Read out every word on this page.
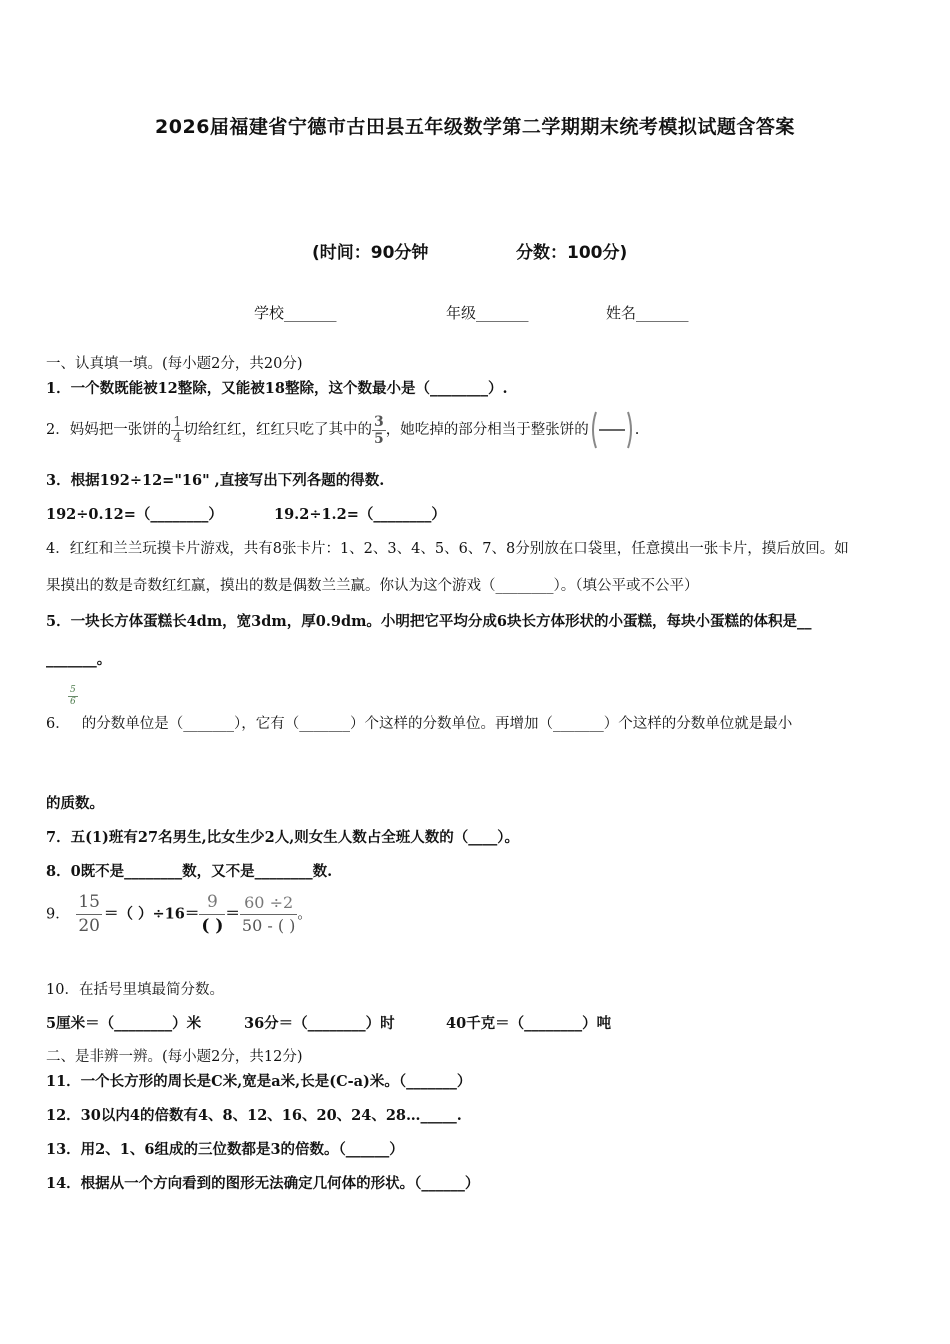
2026届福建省宁德市古田县五年级数学第二学期期末统考模拟试题含答案
(时间：90分钟	分数：100分)
学校_______	年级_______	姓名_______
一、认真填一填。(每小题2分，共20分)
1．一个数既能被12整除，又能被18整除，这个数最小是（________）.
2．妈妈把一张饼的 $\frac{1}{4}$ 切给红红，红红只吃了其中的 $\frac{3}{5}$ ，她吃掉的部分相当于整张饼的	.
3．根据192÷12="16" ,直接写出下列各题的得数.
192÷0.12=（________）	19.2÷1.2=（________）
4．红红和兰兰玩摸卡片游戏，共有8张卡片：1、2、3、4、5、6、7、8分别放在口袋里，任意摸出一张卡片，摸后放回。如
果摸出的数是奇数红红赢，摸出的数是偶数兰兰赢。你认为这个游戏（________）。（填公平或不公平）
5．一块长方体蛋糕长4dm，宽3dm，厚0.9dm。小明把它平均分成6块长方体形状的小蛋糕，每块小蛋糕的体积是__
_______。
$\frac{5}{6}$
6． 的分数单位是（_______），它有（_______）个这样的分数单位。再增加（_______）个这样的分数单位就是最小
的质数。
7．五(1)班有27名男生,比女生少2人,则女生人数占全班人数的（____）。
8．0既不是________数，又不是________数.
9． $\frac{15}{20}$ ＝（ ）$\div 16= \frac{9}{( )} = \frac{60 \div 2}{50 - ( )}$ 。
10．在括号里填最简分数。
5厘米＝（________）米	36分＝（________）时	40千克＝（________）吨
二、是非辨一辨。(每小题2分，共12分)
11．一个长方形的周长是C米,宽是a米,长是(C-a)米。（_______）
12．30以内4的倍数有4、8、12、16、20、24、28…_____.
13．用2、1、6组成的三位数都是3的倍数。（______）
14．根据从一个方向看到的图形无法确定几何体的形状。（______）
